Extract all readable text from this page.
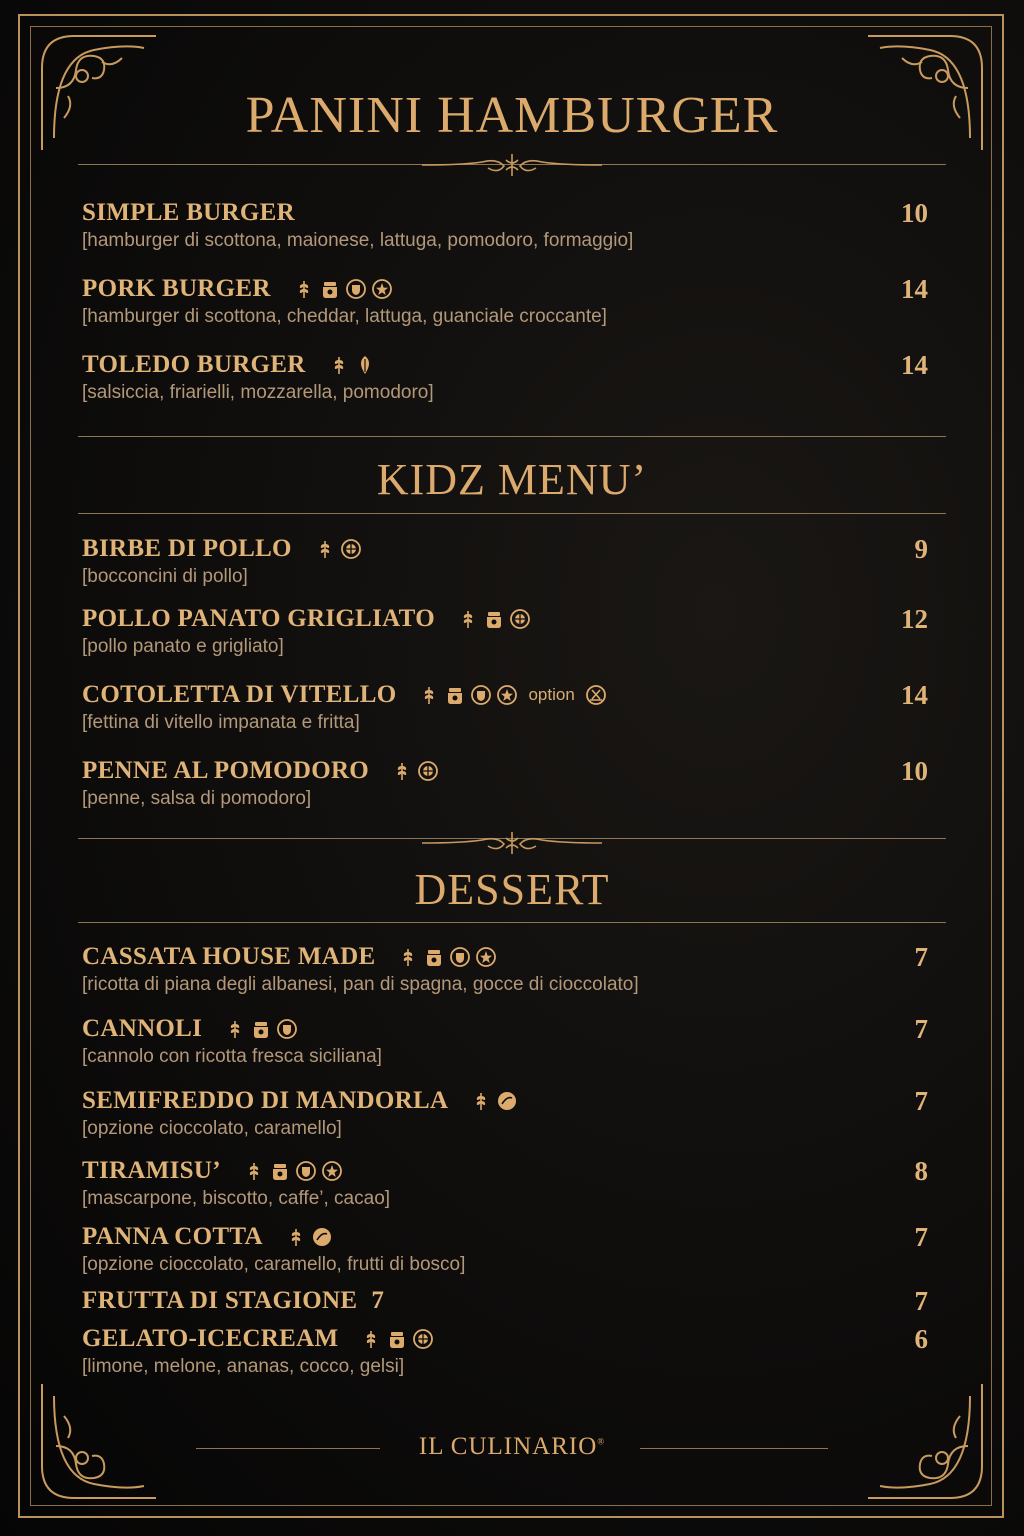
PANINI HAMBURGER
SIMPLE BURGER	10
[hamburger di scottona, maionese, lattuga, pomodoro, formaggio]
PORK BURGER	14
[hamburger di scottona, cheddar, lattuga, guanciale croccante]
TOLEDO BURGER	14
[salsiccia, friarielli, mozzarella, pomodoro]
KIDZ MENU’
BIRBE DI POLLO	9
[bocconcini di pollo]
POLLO PANATO GRIGLIATO	12
[pollo panato e grigliato]
COTOLETTA DI VITELLO	option	14
[fettina di vitello impanata e fritta]
PENNE AL POMODORO	10
[penne, salsa di pomodoro]
DESSERT
CASSATA HOUSE MADE	7
[ricotta di piana degli albanesi, pan di spagna, gocce di cioccolato]
CANNOLI	7
[cannolo con ricotta fresca siciliana]
SEMIFREDDO DI MANDORLA	7
[opzione cioccolato, caramello]
TIRAMISU’	8
[mascarpone, biscotto, caffe’, cacao]
PANNA COTTA	7
[opzione cioccolato, caramello, frutti di bosco]
FRUTTA DI STAGIONE 7	7
GELATO-ICECREAM	6
[limone, melone, ananas, cocco, gelsi]
IL CULINARIO®
